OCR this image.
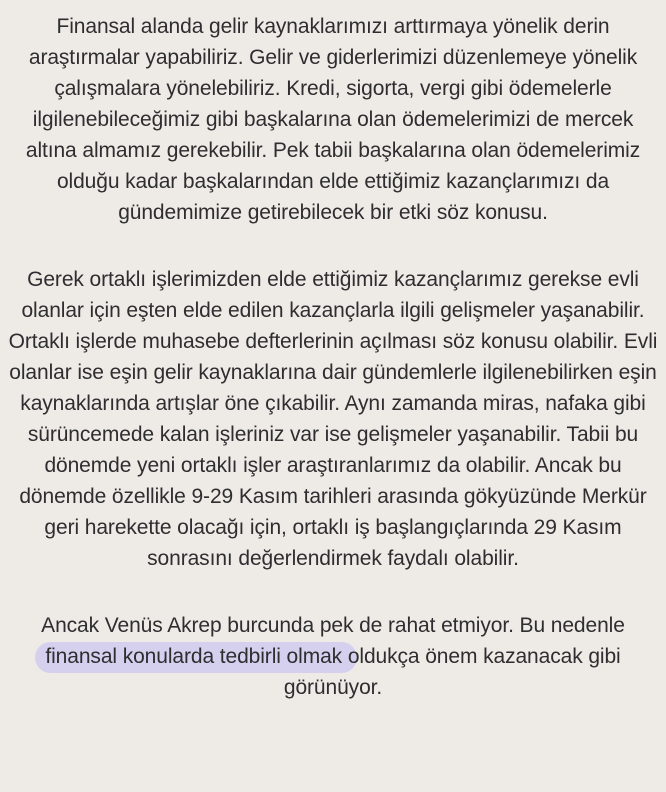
Finansal alanda gelir kaynaklarımızı arttırmaya yönelik derin araştırmalar yapabiliriz. Gelir ve giderlerimizi düzenlemeye yönelik çalışmalara yönelebiliriz. Kredi, sigorta, vergi gibi ödemelerle ilgilenebileceğimiz gibi başkalarına olan ödemelerimizi de mercek altına almamız gerekebilir. Pek tabii başkalarına olan ödemelerimiz olduğu kadar başkalarından elde ettiğimiz kazançlarımızı da gündemimize getirebilecek bir etki söz konusu.

Gerek ortaklı işlerimizden elde ettiğimiz kazançlarımız gerekse evli olanlar için eşten elde edilen kazançlarla ilgili gelişmeler yaşanabilir. Ortaklı işlerde muhasebe defterlerinin açılması söz konusu olabilir. Evli olanlar ise eşin gelir kaynaklarına dair gündemlerle ilgilenebilirken eşin kaynaklarında artışlar öne çıkabilir. Aynı zamanda miras, nafaka gibi sürüncemede kalan işleriniz var ise gelişmeler yaşanabilir. Tabii bu dönemde yeni ortaklı işler araştıranlarımız da olabilir. Ancak bu dönemde özellikle 9-29 Kasım tarihleri arasında gökyüzünde Merkür geri harekette olacağı için, ortaklı iş başlangıçlarında 29 Kasım sonrasını değerlendirmek faydalı olabilir.

Ancak Venüs Akrep burcunda pek de rahat etmiyor. Bu nedenle finansal konularda tedbirli olmak oldukça önem kazanacak gibi görünüyor.
